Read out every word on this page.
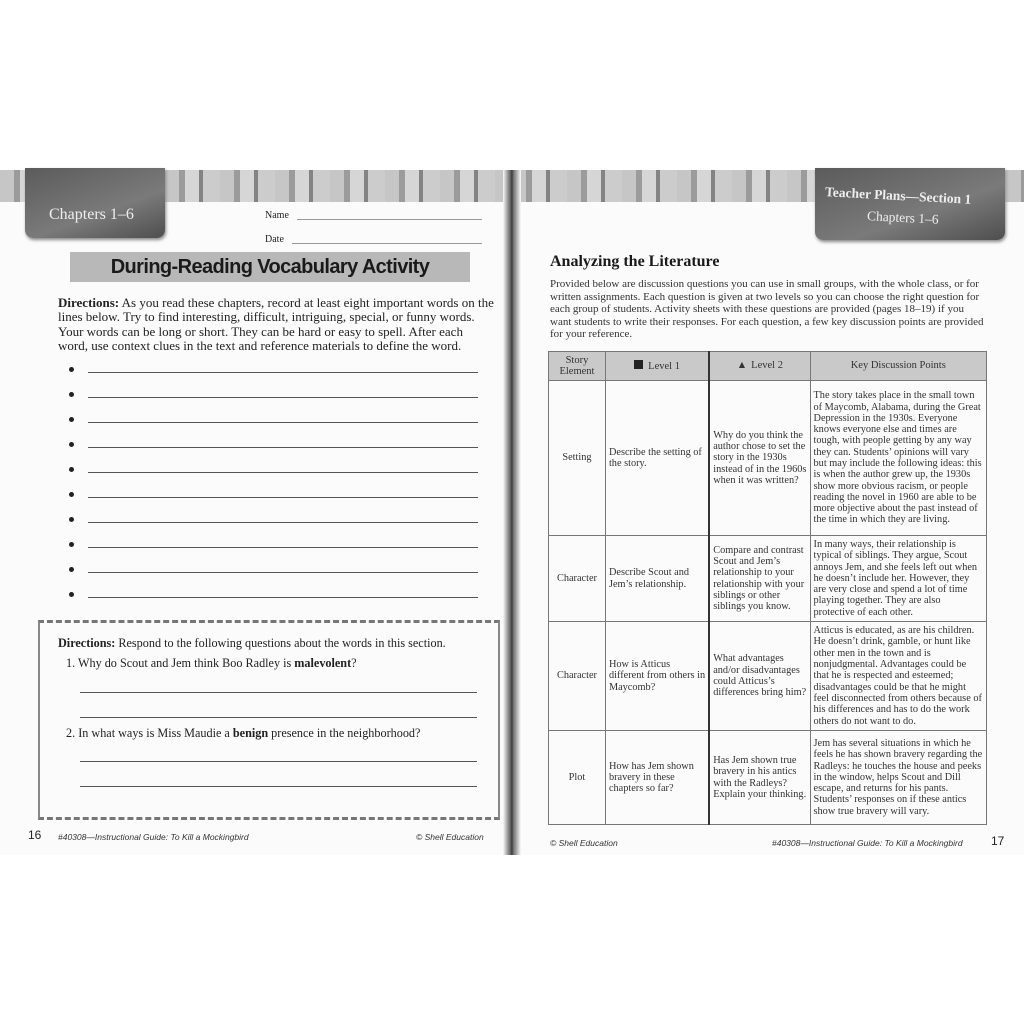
Chapters 1–6	Name
Date
During-Reading Vocabulary Activity
Directions: As you read these chapters, record at least eight important words on the lines below. Try to find interesting, difficult, intriguing, special, or funny words. Your words can be long or short. They can be hard or easy to spell. After each word, use context clues in the text and reference materials to define the word.
Directions: Respond to the following questions about the words in this section.
1. Why do Scout and Jem think Boo Radley is malevolent?
2. In what ways is Miss Maudie a benign presence in the neighborhood?
16 #40308—Instructional Guide: To Kill a Mockingbird	© Shell Education
Teacher Plans—Section 1
Chapters 1–6
Analyzing the Literature
Provided below are discussion questions you can use in small groups, with the whole class, or for written assignments. Each question is given at two levels so you can choose the right question for each group of students. Activity sheets with these questions are provided (pages 18–19) if you want students to write their responses. For each question, a few key discussion points are provided for your reference.
Story Element	Level 1	▲ Level 2	Key Discussion Points
Setting	Describe the setting of the story.	Why do you think the author chose to set the story in the 1930s instead of in the 1960s when it was written?	The story takes place in the small town of Maycomb, Alabama, during the Great Depression in the 1930s. Everyone knows everyone else and times are tough, with people getting by any way they can. Students’ opinions will vary but may include the following ideas: this is when the author grew up, the 1930s show more obvious racism, or people reading the novel in 1960 are able to be more objective about the past instead of the time in which they are living.
Character	Describe Scout and Jem’s relationship.	Compare and contrast Scout and Jem’s relationship to your relationship with your siblings or other siblings you know.	In many ways, their relationship is typical of siblings. They argue, Scout annoys Jem, and she feels left out when he doesn’t include her. However, they are very close and spend a lot of time playing together. They are also protective of each other.
Character	How is Atticus different from others in Maycomb?	What advantages and/or disadvantages could Atticus’s differences bring him?	Atticus is educated, as are his children. He doesn’t drink, gamble, or hunt like other men in the town and is nonjudgmental. Advantages could be that he is respected and esteemed; disadvantages could be that he might feel disconnected from others because of his differences and has to do the work others do not want to do.
Plot	How has Jem shown bravery in these chapters so far?	Has Jem shown true bravery in his antics with the Radleys? Explain your thinking.	Jem has several situations in which he feels he has shown bravery regarding the Radleys: he touches the house and peeks in the window, helps Scout and Dill escape, and returns for his pants. Students’ responses on if these antics show true bravery will vary.
© Shell Education	#40308—Instructional Guide: To Kill a Mockingbird 17
